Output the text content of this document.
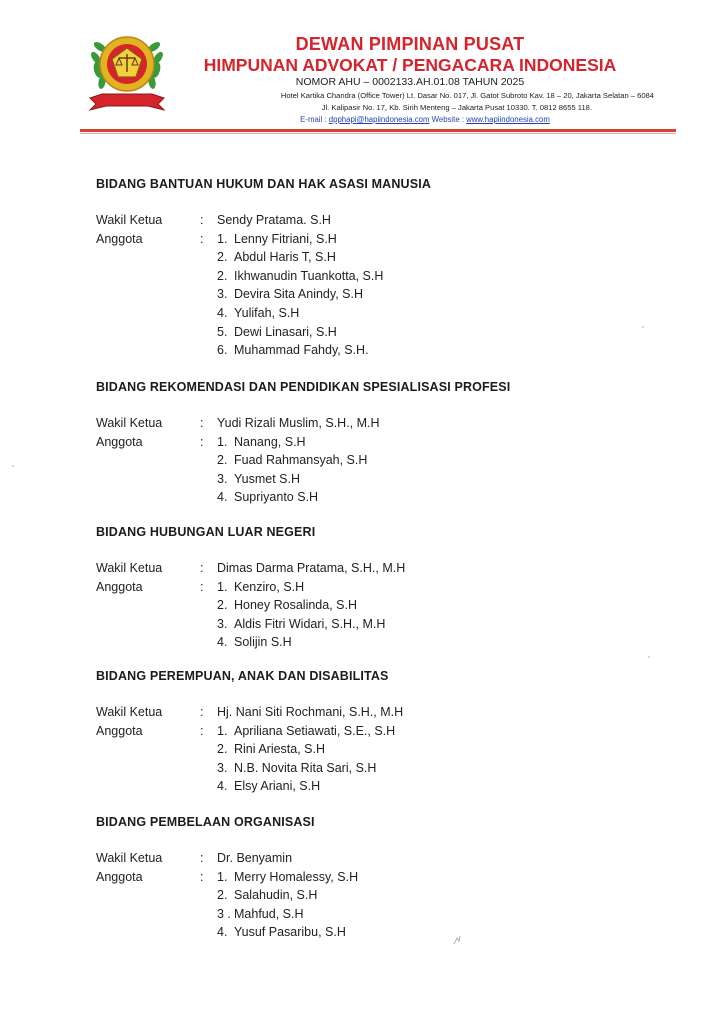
DEWAN PIMPINAN PUSAT
HIMPUNAN ADVOKAT / PENGACARA INDONESIA
NOMOR AHU – 0002133.AH.01.08 TAHUN 2025
Hotel Kartika Chandra (Office Tower) Lt. Dasar No. 017, Jl. Gatot Subroto Kav. 18 – 20, Jakarta Selatan – 6084
Jl. Kalipasir No. 17, Kb. Sirih Menteng – Jakarta Pusat 10330. T. 0812 8655 118.
E-mail : dpphapi@hapiindonesia.com Website : www.hapiindonesia.com
BIDANG BANTUAN HUKUM DAN HAK ASASI MANUSIA
Wakil Ketua	:	Sendy Pratama. S.H
Anggota	:	1. Lenny Fitriani, S.H
2. Abdul Haris T, S.H
2. Ikhwanudin Tuankotta, S.H
3. Devira Sita Anindy, S.H
4. Yulifah, S.H
5. Dewi Linasari, S.H
6. Muhammad Fahdy, S.H.
BIDANG REKOMENDASI DAN PENDIDIKAN SPESIALISASI PROFESI
Wakil Ketua	:	Yudi Rizali Muslim, S.H., M.H
Anggota	:	1. Nanang, S.H
2. Fuad Rahmansyah, S.H
3. Yusmet S.H
4. Supriyanto S.H
BIDANG HUBUNGAN LUAR NEGERI
Wakil Ketua	:	Dimas Darma Pratama, S.H., M.H
Anggota	:	1. Kenziro, S.H
2. Honey Rosalinda, S.H
3. Aldis Fitri Widari, S.H., M.H
4. Solijin S.H
BIDANG PEREMPUAN, ANAK DAN DISABILITAS
Wakil Ketua	:	Hj. Nani Siti Rochmani, S.H., M.H
Anggota	:	1. Apriliana Setiawati, S.E., S.H
2. Rini Ariesta, S.H
3. N.B. Novita Rita Sari, S.H
4. Elsy Ariani, S.H
BIDANG PEMBELAAN ORGANISASI
Wakil Ketua	:	Dr. Benyamin
Anggota	:	1. Merry Homalessy, S.H
2. Salahudin, S.H
3 . Mahfud, S.H
4. Yusuf Pasaribu, S.H
